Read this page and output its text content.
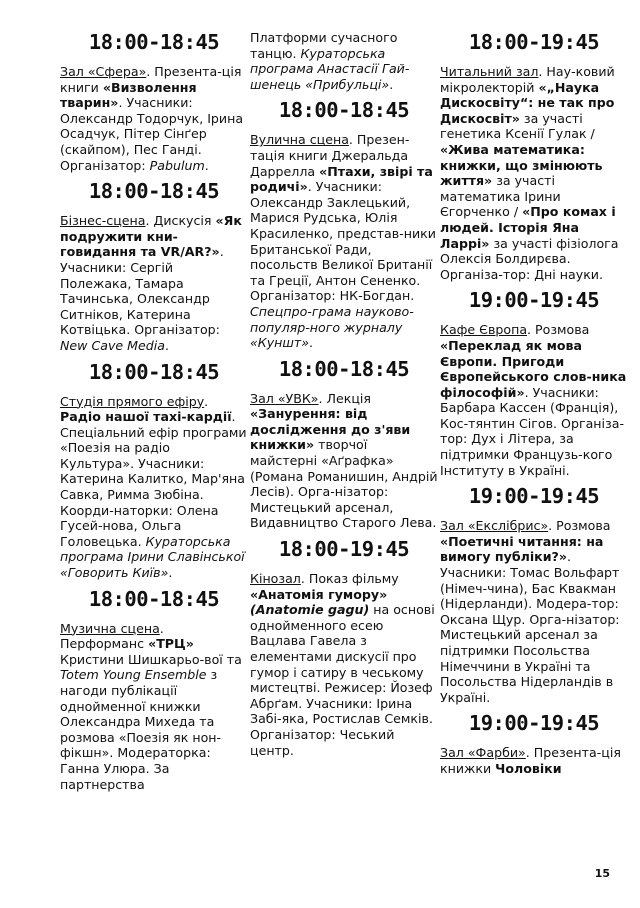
18:00-18:45
Зал «Сфера». Презента-ція книги «Визволення тварин». Учасники: Олександр Тодорчук, Ірина Осадчук, Пітер Сінґер (скайпом), Пес Ганді. Організатор: Pabulum.
18:00-18:45
Бізнес-сцена. Дискусія «Як подружити кни-говидання та VR/AR?». Учасники: Сергій Полежака, Тамара Тачинська, Олександр Ситніков, Катерина Котвіцька. Організатор: New Cave Media.
18:00-18:45
Студія прямого ефіру. Радіо нашої тахі-кардії. Спеціальний ефір програми «Поезія на радіо Культура». Учасники: Катерина Калитко, Мар'яна Савка, Римма Зюбіна. Коорди-наторки: Олена Гусей-нова, Ольга Головецька. Кураторська програма Ірини Славінської «Говорить Київ».
18:00-18:45
Музична сцена. Перформанс «ТРЦ» Кристини Шишкарьо-вої та Totem Young Ensemble з нагоди публікації однойменної книжки Олександра Михеда та розмова «Поезія як нон-фікшн». Модераторка: Ганна Улюра. За партнерства
Платформи сучасного танцю. Кураторська програма Анастасії Гай-шенець «Прибульці».
18:00-18:45
Вулична сцена. Презен-тація книги Джеральда Даррелла «Птахи, звірі та родичі». Учасники: Олександр Заклецький, Марися Рудська, Юлія Красиленко, представ-ники Британської Ради, посольств Великої Британії та Греції, Антон Сененко. Організатор: НК-Богдан. Спецпро-грама науково-популяр-ного журналу «Куншт».
18:00-18:45
Зал «УВК». Лекція «Занурення: від дослідження до з'яви книжки» творчої майстерні «Аґрафка» (Романа Романишин, Андрій Лесів). Орга-нізатор: Мистецький арсенал, Видавництво Старого Лева.
18:00-19:45
Кінозал. Показ фільму «Анатомія гумору» (Anatomie gagu) на основі однойменного есею Вацлава Гавела з елементами дискусії про гумор і сатиру в чеському мистецтві. Режисер: Йозеф Абрґам. Учасники: Ірина Забі-яка, Ростислав Семків. Організатор: Чеський центр.
18:00-19:45
Читальний зал. Нау-ковий мікролекторій «„Наука Дискосвіту“: не так про Дискосвіт» за участі генетика Ксенії Гулак / «Жива математика: книжки, що змінюють життя» за участі математика Ірини Єгорченко / «Про комах і людей. Історія Яна Ларрі» за участі фізіолога Олексія Болдирєва. Організа-тор: Дні науки.
19:00-19:45
Кафе Європа. Розмова «Переклад як мова Європи. Пригоди Європейського слов-ника філософій». Учасники: Барбара Кассен (Франція), Кос-тянтин Сігов. Організа-тор: Дух і Літера, за підтримки Французь-кого Інституту в Україні.
19:00-19:45
Зал «Екслібрис». Розмова «Поетичні читання: на вимогу публіки?». Учасники: Томас Вольфарт (Німеч-чина), Бас Квакман (Нідерланди). Модера-тор: Оксана Щур. Орга-нізатор: Мистецький арсенал за підтримки Посольства Німеччини в Україні та Посольства Нідерландів в Україні.
19:00-19:45
Зал «Фарби». Презента-ція книжки Чоловіки
15
